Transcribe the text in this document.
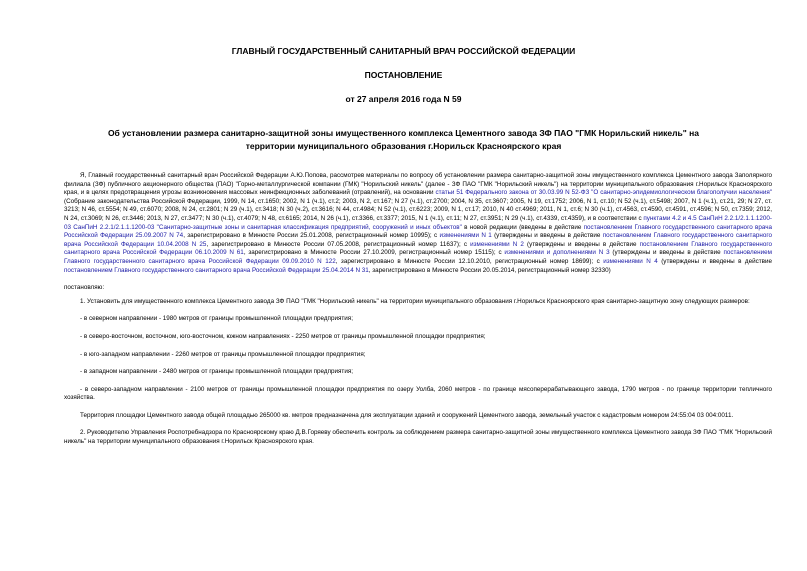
ГЛАВНЫЙ ГОСУДАРСТВЕННЫЙ САНИТАРНЫЙ ВРАЧ РОССИЙСКОЙ ФЕДЕРАЦИИ
ПОСТАНОВЛЕНИЕ
от 27 апреля 2016 года N 59
Об установлении размера санитарно-защитной зоны имущественного комплекса Цементного завода ЗФ ПАО "ГМК Норильский никель" на территории муниципального образования г.Норильск Красноярского края

Я, Главный государственный санитарный врач Российской Федерации А.Ю.Попова, рассмотрев материалы по вопросу об установлении размера санитарно-защитной зоны имущественного комплекса Цементного завода Заполярного филиала (ЗФ) публичного акционерного общества (ПАО) "Горно-металлургической компании (ГМК) "Норильский никель" (далее - ЗФ ПАО "ГМК "Норильский никель") на территории муниципального образования г.Норильск Красноярского края, и в целях предотвращения угрозы возникновения массовых неинфекционных заболеваний (отравлений), на основании статьи 51 Федерального закона от 30.03.99 N 52-ФЗ "О санитарно-эпидемиологическом благополучии населения" (Собрание законодательства Российской Федерации, 1999, N 14, ст.1650; 2002, N 1 (ч.1), ст.2; 2003, N 2, ст.167; N 27 (ч.1), ст.2700; 2004, N 35, ст.3607; 2005, N 19, ст.1752; 2006, N 1, ст.10; N 52 (ч.1), ст.5498; 2007, N 1 (ч.1), ст.21, 29; N 27, ст. 3213; N 46, ст.5554; N 49, ст.6070; 2008, N 24, ст.2801; N 29 (ч.1), ст.3418; N 30 (ч.2), ст.3616; N 44, ст.4984; N 52 (ч.1), ст.6223; 2009, N 1, ст.17; 2010, N 40 ст.4969; 2011, N 1, ст.6; N 30 (ч.1), ст.4563, ст.4590, ст.4591, ст.4596; N 50, ст.7359; 2012, N 24, ст.3069; N 26, ст.3446; 2013, N 27, ст.3477; N 30 (ч.1), ст.4079; N 48, ст.6165; 2014, N 26 (ч.1), ст.3366, ст.3377; 2015, N 1 (ч.1), ст.11; N 27, ст.3951; N 29 (ч.1), ст.4339, ст.4359), и в соответствии с пунктами 4.2 и 4.5 СанПиН 2.2.1/2.1.1.1200-03 СанПиН 2.2.1/2.1.1.1200-03 "Санитарно-защитные зоны и санитарная классификация предприятий, сооружений и иных объектов" в новой редакции (введены в действие постановлением Главного государственного санитарного врача Российской Федерации 25.09.2007 N 74, зарегистрировано в Минюсте России 25.01.2008, регистрационный номер 10995); с изменениями N 1 (утверждены и введены в действие постановлением Главного государственного санитарного врача Российской Федерации 10.04.2008 N 25, зарегистрировано в Минюсте России 07.05.2008, регистрационный номер 11637); с изменениями N 2 (утверждены и введены в действие постановлением Главного государственного санитарного врача Российской Федерации 06.10.2009 N 61, зарегистрировано в Минюсте России 27.10.2009, регистрационный номер 15115); с изменениями и дополнениями N 3 (утверждены и введены в действие постановлением Главного государственного санитарного врача Российской Федерации 09.09.2010 N 122, зарегистрировано в Минюсте России 12.10.2010, регистрационный номер 18699); с изменениями N 4 (утверждены и введены в действие постановлением Главного государственного санитарного врача Российской Федерации 25.04.2014 N 31, зарегистрировано в Минюсте России 20.05.2014, регистрационный номер 32330)

постановляю:

1. Установить для имущественного комплекса Цементного завода ЗФ ПАО "ГМК "Норильский никель" на территории муниципального образования г.Норильск Красноярского края санитарно-защитную зону следующих размеров:

- в северном направлении - 1980 метров от границы промышленной площадки предприятия;

- в северо-восточном, восточном, юго-восточном, южном направлениях - 2250 метров от границы промышленной площадки предприятия;

- в юго-западном направлении - 2260 метров от границы промышленной площадки предприятия;

- в западном направлении - 2480 метров от границы промышленной площадки предприятия;

- в северо-западном направлении - 2100 метров от границы промышленной площадки предприятия по озеру Уолба, 2060 метров - по границе мясоперерабатывающего завода, 1790 метров - по границе территории тепличного хозяйства.

Территория площадки Цементного завода общей площадью 265000 кв. метров предназначена для эксплуатации зданий и сооружений Цементного завода, земельный участок с кадастровым номером 24:55:04 03 004:0011.

2. Руководителю Управления Роспотребнадзора по Красноярскому краю Д.В.Горяеву обеспечить контроль за соблюдением размера санитарно-защитной зоны имущественного комплекса Цементного завода ЗФ ПАО "ГМК "Норильский никель" на территории муниципального образования г.Норильск Красноярского края.
